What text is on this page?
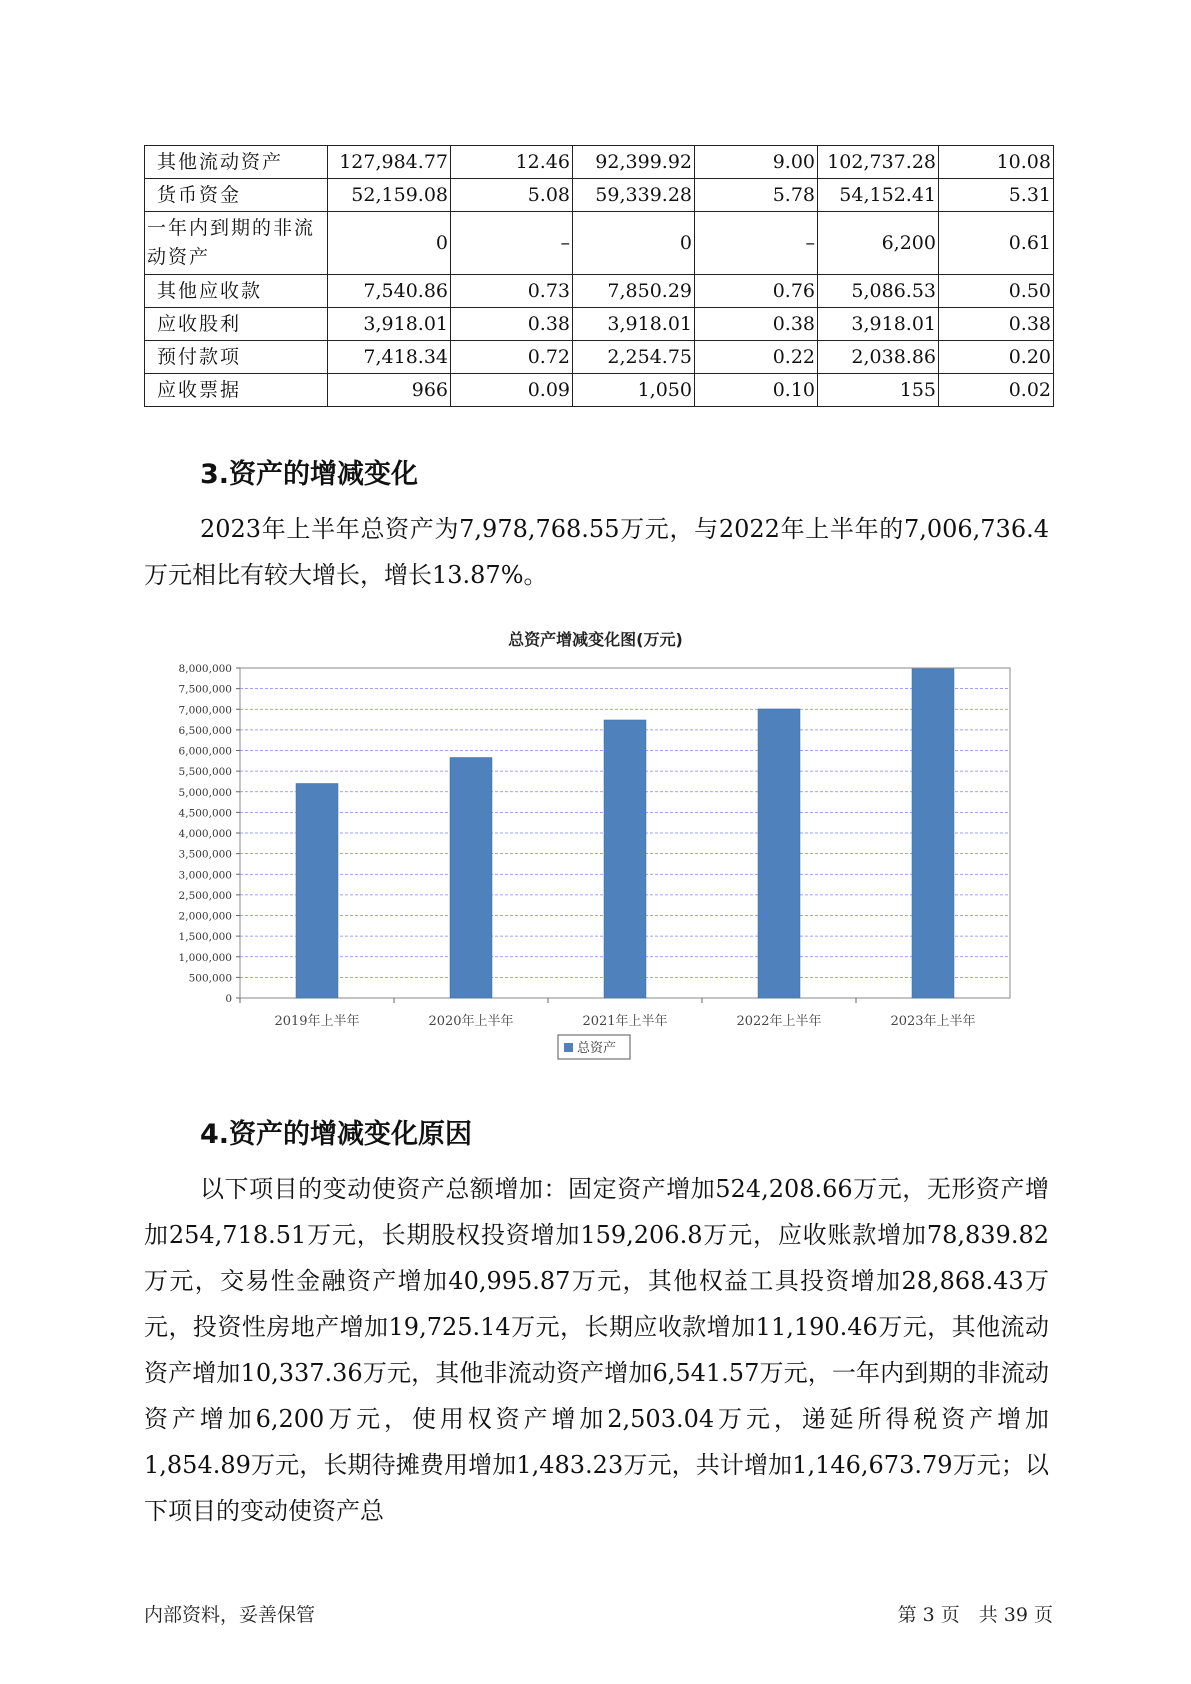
其他流动资产	127,984.77	12.46	92,399.92	9.00	102,737.28	10.08
货币资金	52,159.08	5.08	59,339.28	5.78	54,152.41	5.31
一年内到期的非流动资产	0	–	0	–	6,200	0.61
其他应收款	7,540.86	0.73	7,850.29	0.76	5,086.53	0.50
应收股利	3,918.01	0.38	3,918.01	0.38	3,918.01	0.38
预付款项	7,418.34	0.72	2,254.75	0.22	2,038.86	0.20
应收票据	966	0.09	1,050	0.10	155	0.02
3.资产的增减变化
2023年上半年总资产为7,978,768.55万元，与2022年上半年的7,006,736.4万元相比有较大增长，增长13.87%。
总资产增减变化图(万元)
0
500,000
1,000,000
1,500,000
2,000,000
2,500,000
3,000,000
3,500,000
4,000,000
4,500,000
5,000,000
5,500,000
6,000,000
6,500,000
7,000,000
7,500,000
8,000,000
2019年上半年	2020年上半年	2021年上半年	2022年上半年	2023年上半年
总资产
4.资产的增减变化原因
以下项目的变动使资产总额增加：固定资产增加524,208.66万元，无形资产增加254,718.51万元，长期股权投资增加159,206.8万元，应收账款增加78,839.82万元，交易性金融资产增加40,995.87万元，其他权益工具投资增加28,868.43万元，投资性房地产增加19,725.14万元，长期应收款增加11,190.46万元，其他流动资产增加10,337.36万元，其他非流动资产增加6,541.57万元，一年内到期的非流动资产增加6,200万元，使用权资产增加2,503.04万元，递延所得税资产增加1,854.89万元，长期待摊费用增加1,483.23万元，共计增加1,146,673.79万元；以下项目的变动使资产总
内部资料，妥善保管	第 3 页　共 39 页
